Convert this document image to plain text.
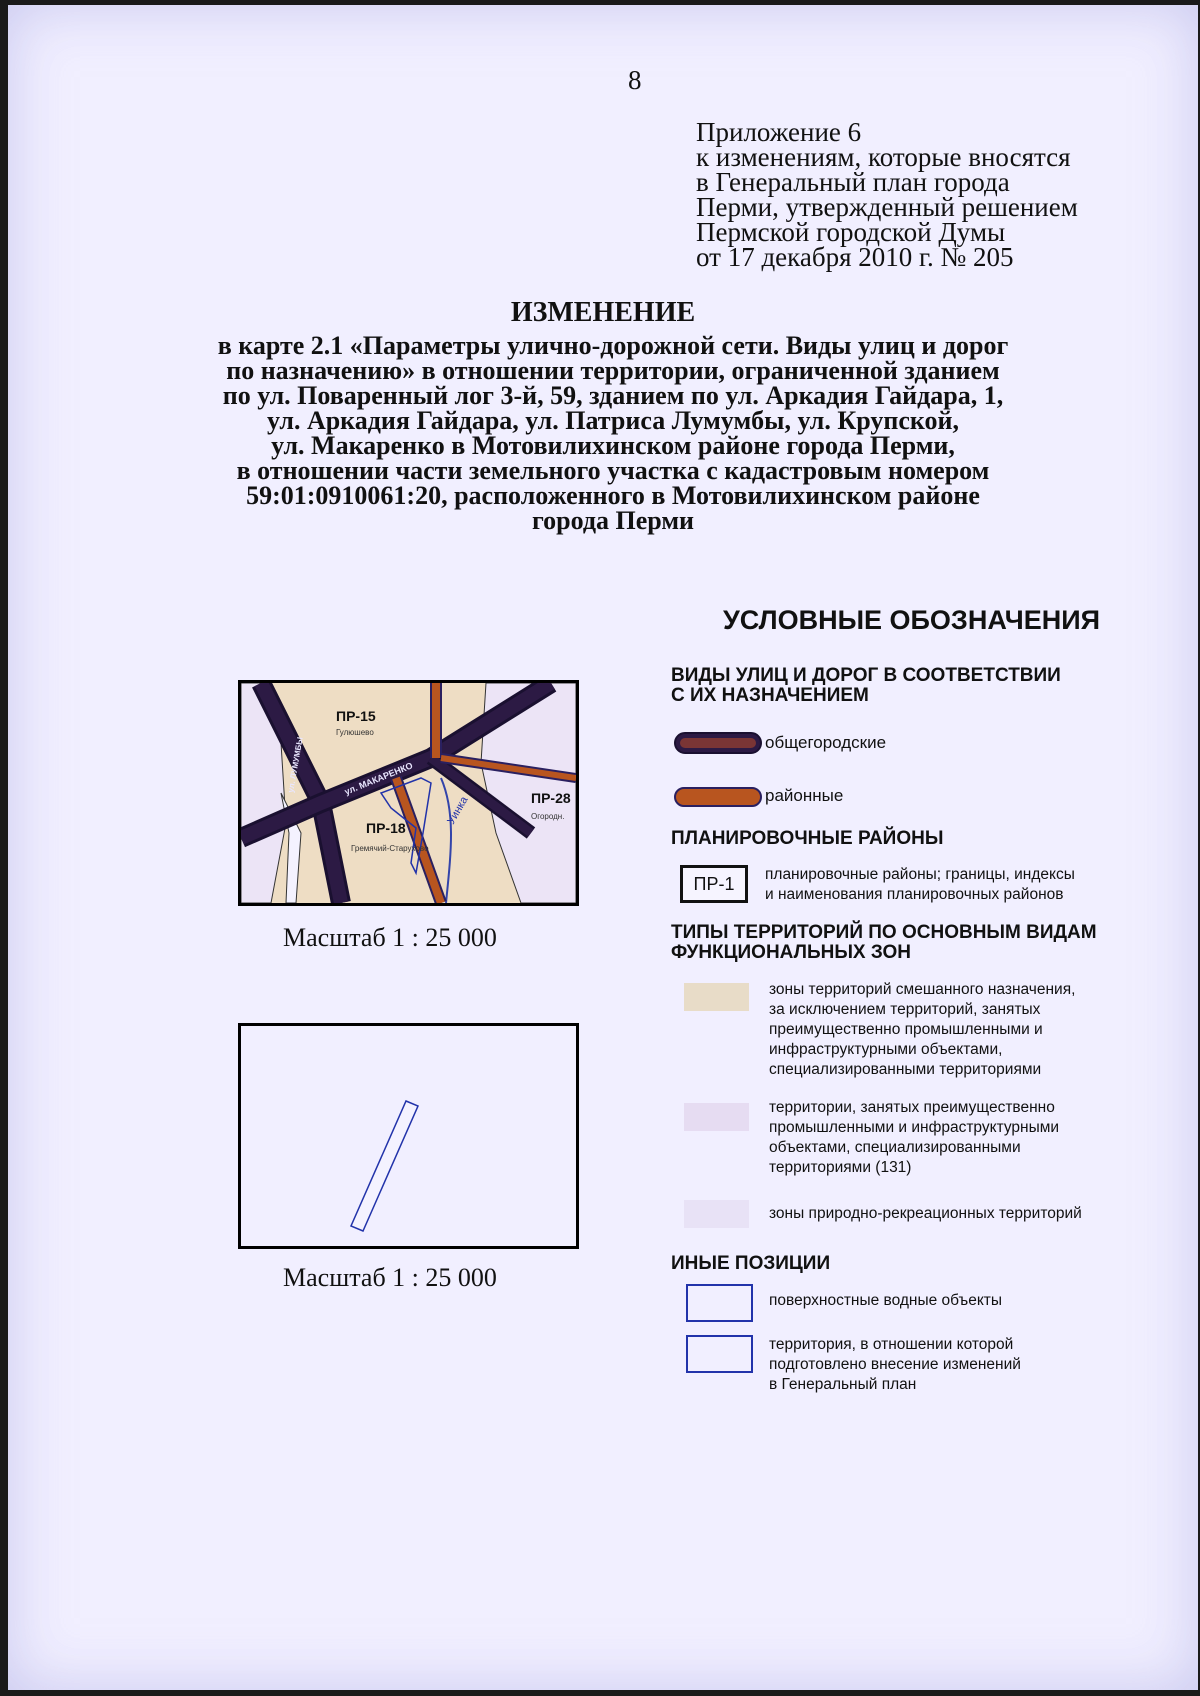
8
Приложение 6
к изменениям, которые вносятся
в Генеральный план города
Перми, утвержденный решением
Пермской городской Думы
от 17 декабря 2010 г. № 205
ИЗМЕНЕНИЕ
в карте 2.1 «Параметры улично-дорожной сети. Виды улиц и дорог
по назначению» в отношении территории, ограниченной зданием
по ул. Поваренный лог 3-й, 59, зданием по ул. Аркадия Гайдара, 1,
ул. Аркадия Гайдара, ул. Патриса Лумумбы, ул. Крупской,
ул. Макаренко в Мотовилихинском районе города Перми,
в отношении части земельного участка с кадастровым номером
59:01:0910061:20, расположенного в Мотовилихинском районе
города Перми
ПР-15
Гулюшево
ПР-18
Гремячий-Старухово
ПР-28
Огородн.
ул. МАКАРЕНКО
ул. ЛУМУМБЫ
Уинка
Масштаб 1 : 25 000
Масштаб 1 : 25 000
УСЛОВНЫЕ ОБОЗНАЧЕНИЯ
ВИДЫ УЛИЦ И ДОРОГ В СООТВЕТСТВИИ
С ИХ НАЗНАЧЕНИЕМ
общегородские
районные
ПЛАНИРОВОЧНЫЕ РАЙОНЫ
ПР-1	планировочные районы; границы, индексы
и наименования планировочных районов
ТИПЫ ТЕРРИТОРИЙ ПО ОСНОВНЫМ ВИДАМ
ФУНКЦИОНАЛЬНЫХ ЗОН
зоны территорий смешанного назначения,
за исключением территорий, занятых
преимущественно промышленными и
инфраструктурными объектами,
специализированными территориями
территории, занятых преимущественно
промышленными и инфраструктурными
объектами, специализированными
территориями (131)
зоны природно-рекреационных территорий
ИНЫЕ ПОЗИЦИИ
поверхностные водные объекты
территория, в отношении которой
подготовлено внесение изменений
в Генеральный план
